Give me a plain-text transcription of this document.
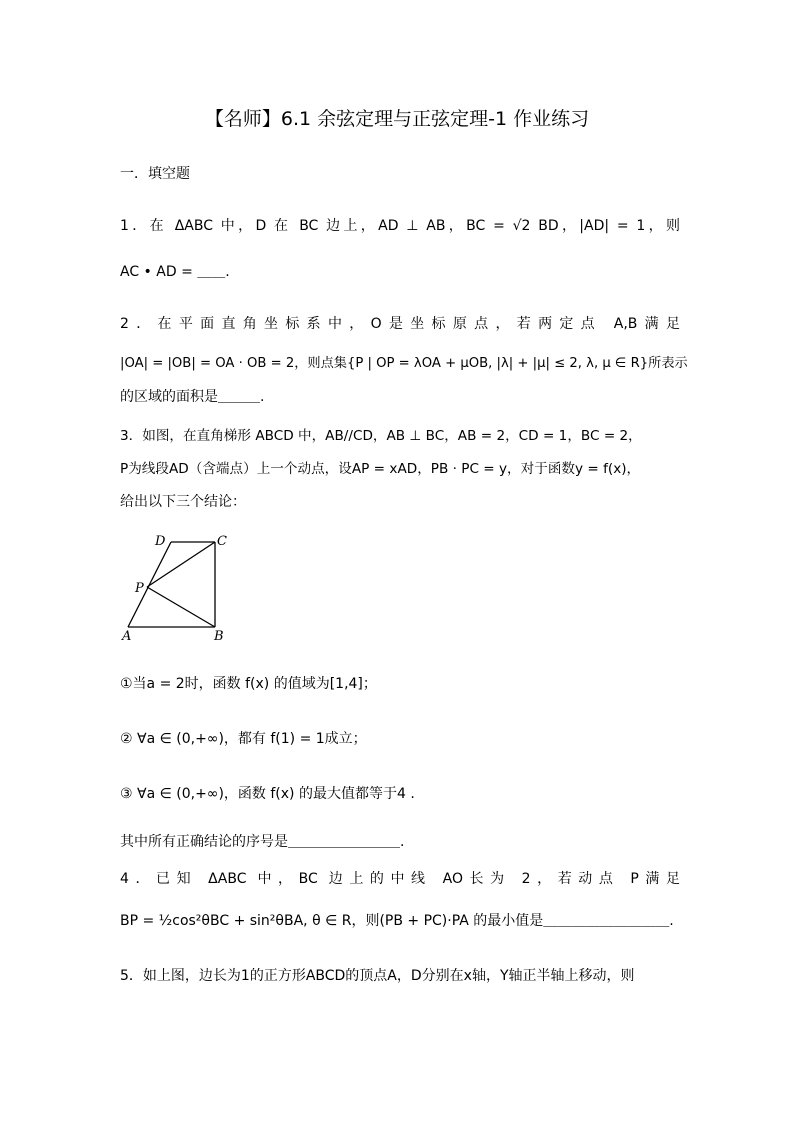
【名师】6.1 余弦定理与正弦定理-1 作业练习
一．填空题
1．在 ΔABC 中，D 在 BC 边上，AD ⊥ AB，BC = √2 BD，|AD| = 1，则
AC • AD = ＿＿.
2．在平面直角坐标系中，O是坐标原点，若两定点 A,B满足
|OA| = |OB| = OA · OB = 2，则点集{P | OP = λOA + μOB, |λ| + |μ| ≤ 2, λ, μ ∈ R}所表示
的区域的面积是＿＿＿.
3．如图，在直角梯形 ABCD 中，AB//CD，AB ⊥ BC，AB = 2，CD = 1，BC = 2，
P为线段AD（含端点）上一个动点，设AP = xAD，PB · PC = y，对于函数y = f(x)，
给出以下三个结论：
D	C
P
A	B
①当a = 2时，函数 f(x) 的值域为[1,4]；
② ∀a ∈ (0,+∞)，都有 f(1) = 1成立；
③ ∀a ∈ (0,+∞)，函数 f(x) 的最大值都等于4 .
其中所有正确结论的序号是＿＿＿＿＿＿＿＿.
4．已知 ΔABC 中，BC 边上的中线 AO长为 2，若动点 P满足
BP = ½cos²θBC + sin²θBA, θ ∈ R，则(PB + PC)·PA 的最小值是＿＿＿＿＿＿＿＿＿.
5．如上图，边长为1的正方形ABCD的顶点A，D分别在x轴，Y轴正半轴上移动，则
